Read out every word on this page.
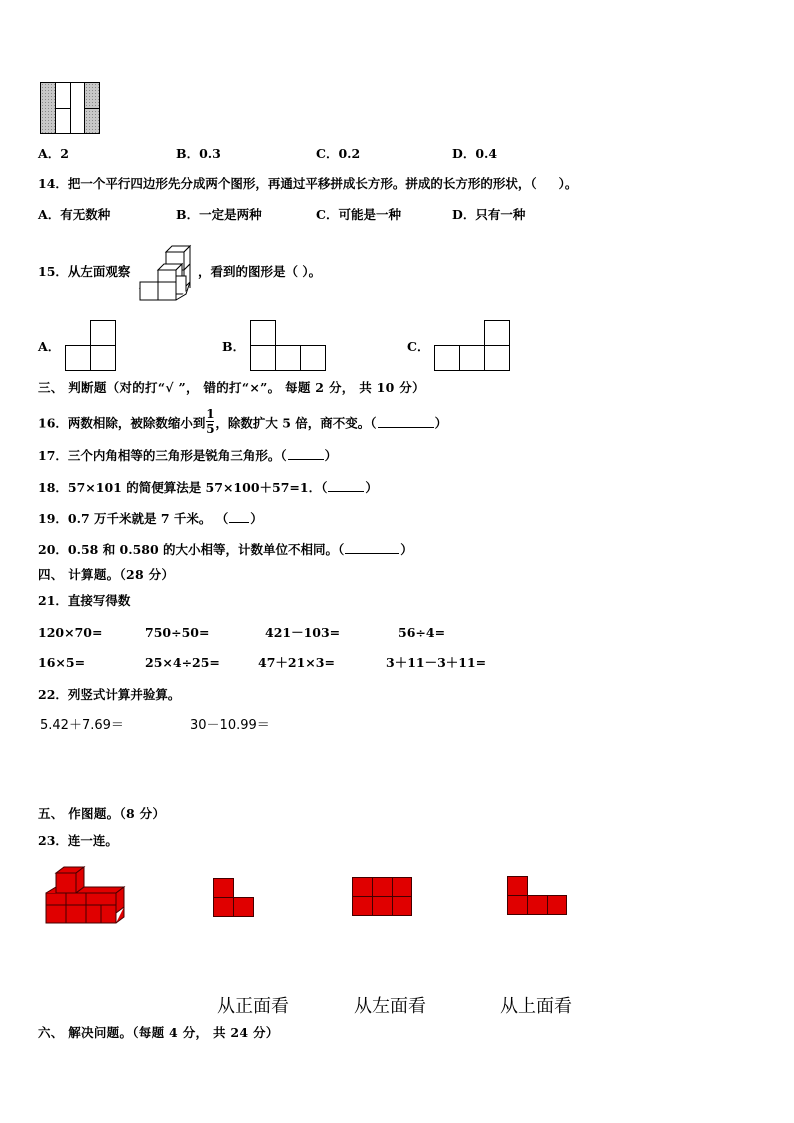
A．2	B．0.3	C．0.2	D．0.4
14．把一个平行四边形先分成两个图形，再通过平移拼成长方形。拼成的长方形的形状，（ ）。
A．有无数种	B．一定是两种	C．可能是一种	D．只有一种
15．从左面观察	，看到的图形是（ ）。
A．	B．	C．
三、 判断题（对的打“√ ”， 错的打“×”。 每题 2 分， 共 10 分）
16．两数相除，被除数缩小到 $\frac{1}{5}$ ，除数扩大 5 倍，商不变。（	）
17．三个内角相等的三角形是锐角三角形。（	）
18．57×101 的简便算法是 57×100＋57=1．（	）
19．0.7 万千米就是 7 千米。 （ ）
20．0.58 和 0.580 的大小相等，计数单位不相同。（	）
四、 计算题。（28 分）
21．直接写得数
120×70=	750÷50=	421－103=	56÷4=
16×5=	25×4÷25=	47＋21×3=	3＋11－3＋11=
22．列竖式计算并验算。
5.42＋7.69＝	30－10.99＝
五、 作图题。（8 分）
23．连一连。
从正面看	从左面看	从上面看
六、 解决问题。（每题 4 分， 共 24 分）
